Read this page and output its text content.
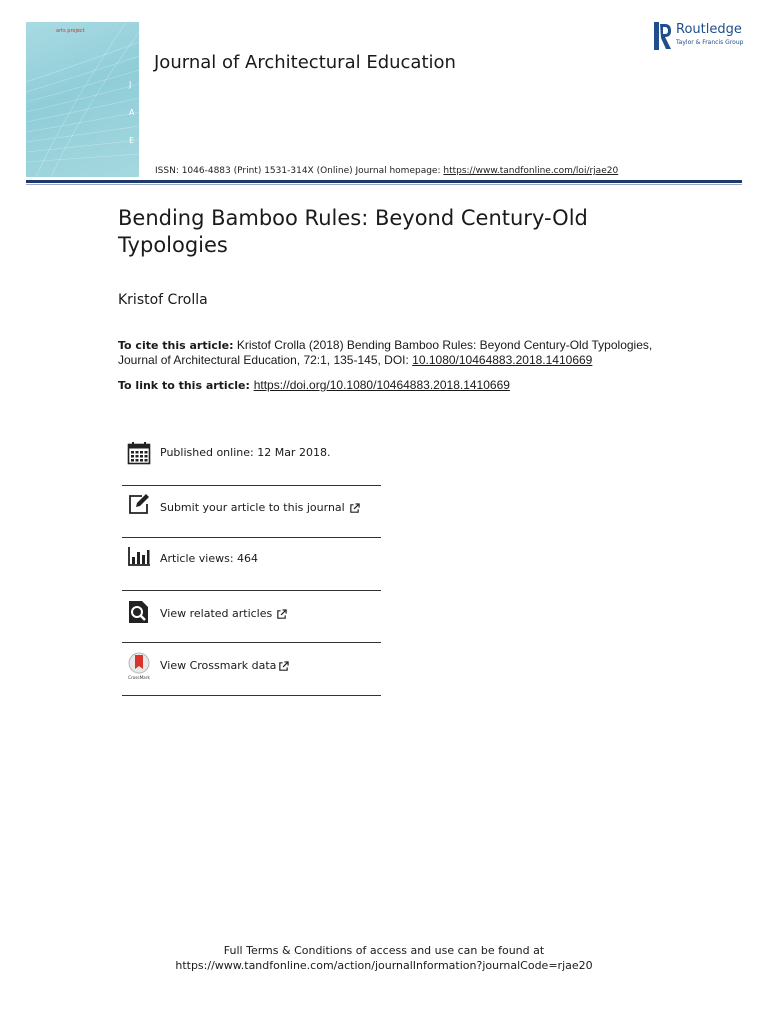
arts project
J
A
E
Journal of Architectural Education
ISSN: 1046-4883 (Print) 1531-314X (Online) Journal homepage: https://www.tandfonline.com/loi/rjae20
Routledge
Taylor & Francis Group
Bending Bamboo Rules: Beyond Century-Old Typologies
Kristof Crolla
To cite this article: Kristof Crolla (2018) Bending Bamboo Rules: Beyond Century-Old Typologies, Journal of Architectural Education, 72:1, 135-145, DOI: 10.1080/10464883.2018.1410669
To link to this article: https://doi.org/10.1080/10464883.2018.1410669
Published online: 12 Mar 2018.
Submit your article to this journal
Article views: 464
View related articles
CrossMark
View Crossmark data
Full Terms & Conditions of access and use can be found at
https://www.tandfonline.com/action/journalInformation?journalCode=rjae20
